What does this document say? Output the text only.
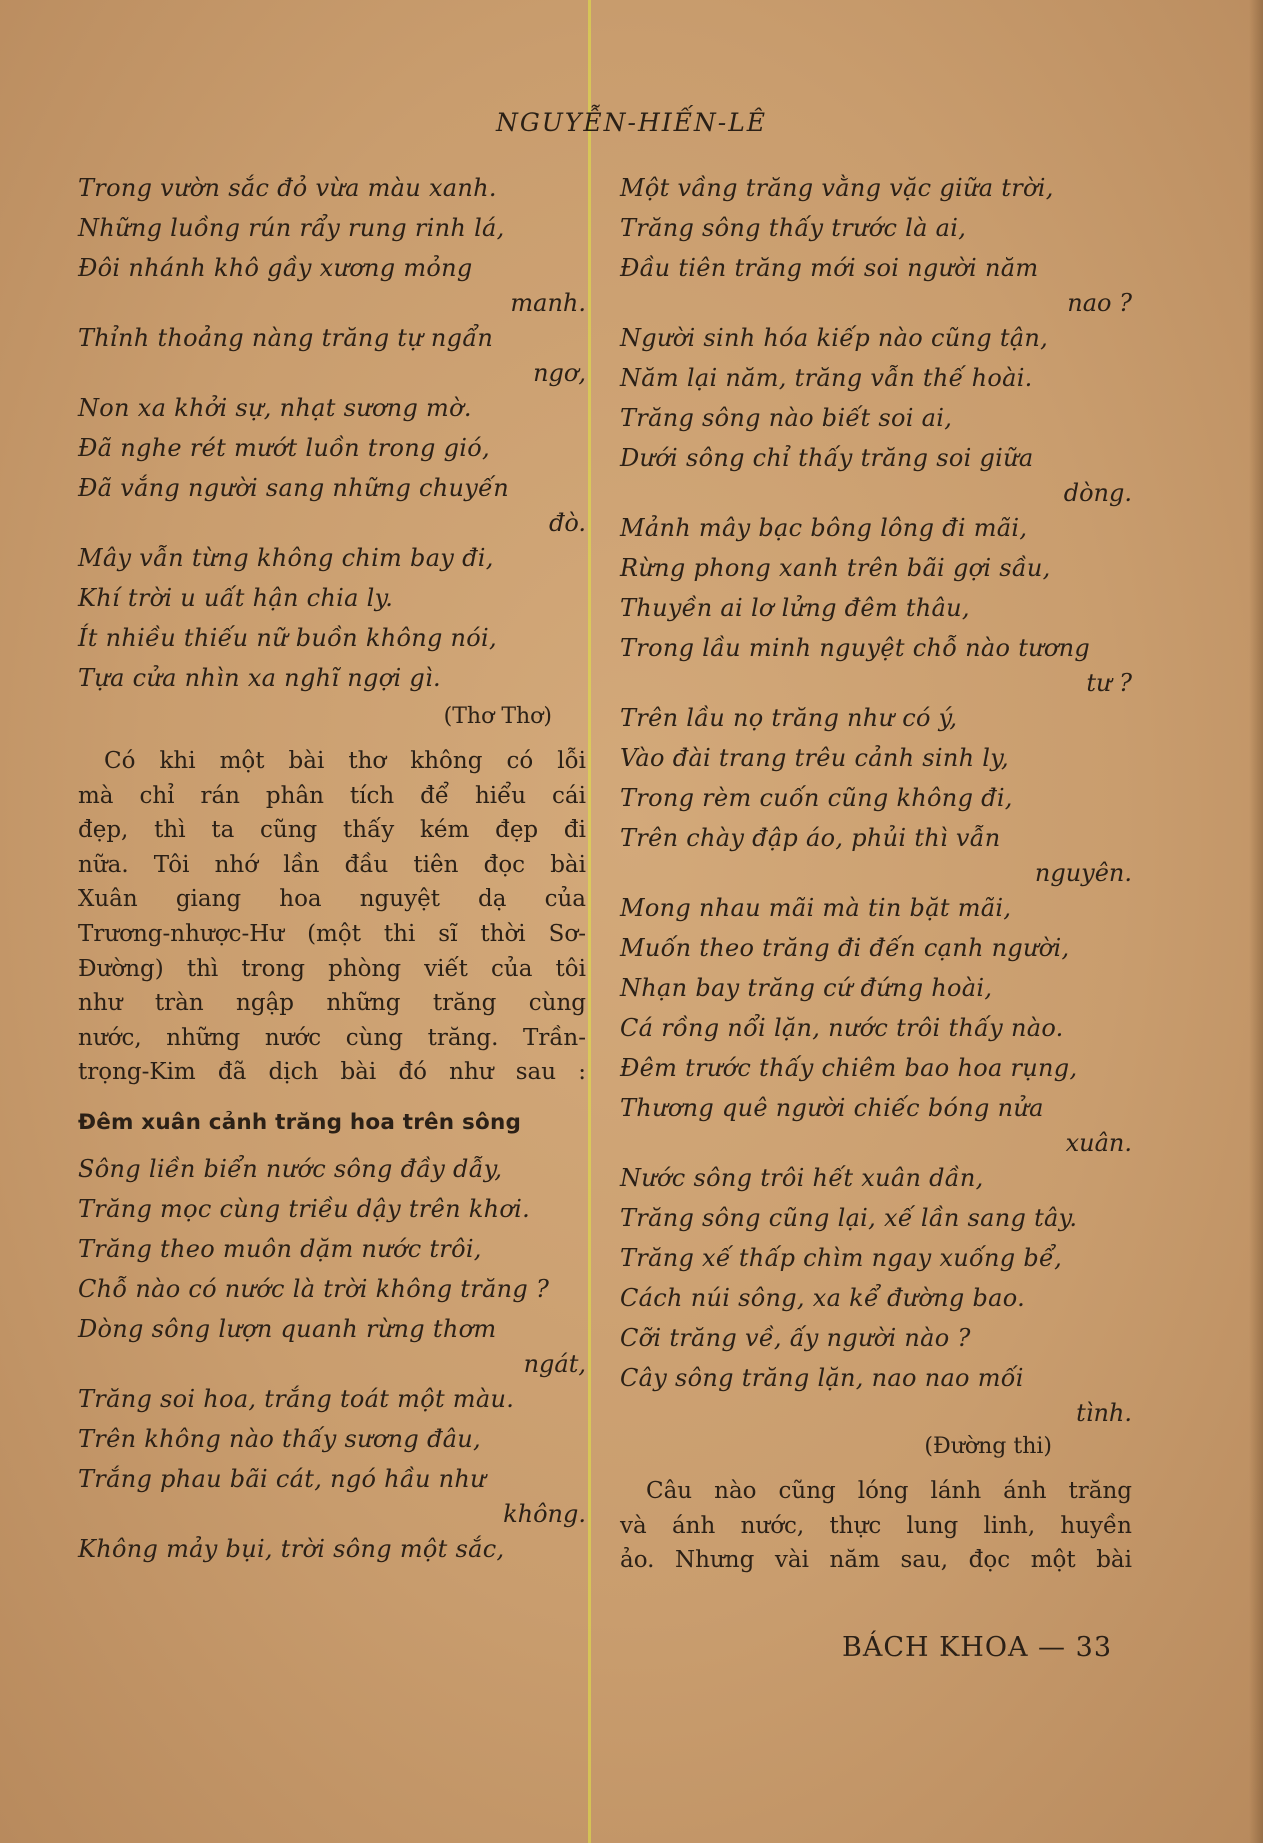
NGUYỄN-HIẾN-LÊ
Trong vườn sắc đỏ vừa màu xanh.
Những luồng rún rẩy rung rinh lá,
Đôi nhánh khô gầy xương mỏng
manh.
Thỉnh thoảng nàng trăng tự ngẩn
ngơ,
Non xa khởi sự, nhạt sương mờ.
Đã nghe rét mướt luồn trong gió,
Đã vắng người sang những chuyến
đò.
Mây vẫn từng không chim bay đi,
Khí trời u uất hận chia ly.
Ít nhiều thiếu nữ buồn không nói,
Tựa cửa nhìn xa nghĩ ngợi gì.
(Thơ Thơ)
Có khi một bài thơ không có lỗi
mà chỉ rán phân tích để hiểu cái
đẹp, thì ta cũng thấy kém đẹp đi
nữa. Tôi nhớ lần đầu tiên đọc bài
Xuân giang hoa nguyệt dạ của
Trương-nhược-Hư (một thi sĩ thời Sơ-
Đường) thì trong phòng viết của tôi
như tràn ngập những trăng cùng
nước, những nước cùng trăng. Trần-
trọng-Kim đã dịch bài đó như sau :
Đêm xuân cảnh trăng hoa trên sông
Sông liền biển nước sông đầy dẫy,
Trăng mọc cùng triều dậy trên khơi.
Trăng theo muôn dặm nước trôi,
Chỗ nào có nước là trời không trăng ?
Dòng sông lượn quanh rừng thơm
ngát,
Trăng soi hoa, trắng toát một màu.
Trên không nào thấy sương đâu,
Trắng phau bãi cát, ngó hầu như
không.
Không mảy bụi, trời sông một sắc,
Một vầng trăng vằng vặc giữa trời,
Trăng sông thấy trước là ai,
Đầu tiên trăng mới soi người năm
nao ?
Người sinh hóa kiếp nào cũng tận,
Năm lại năm, trăng vẫn thế hoài.
Trăng sông nào biết soi ai,
Dưới sông chỉ thấy trăng soi giữa
dòng.
Mảnh mây bạc bông lông đi mãi,
Rừng phong xanh trên bãi gợi sầu,
Thuyền ai lơ lửng đêm thâu,
Trong lầu minh nguyệt chỗ nào tương
tư ?
Trên lầu nọ trăng như có ý,
Vào đài trang trêu cảnh sinh ly,
Trong rèm cuốn cũng không đi,
Trên chày đập áo, phủi thì vẫn
nguyên.
Mong nhau mãi mà tin bặt mãi,
Muốn theo trăng đi đến cạnh người,
Nhạn bay trăng cứ đứng hoài,
Cá rồng nổi lặn, nước trôi thấy nào.
Đêm trước thấy chiêm bao hoa rụng,
Thương quê người chiếc bóng nửa
xuân.
Nước sông trôi hết xuân dần,
Trăng sông cũng lại, xế lần sang tây.
Trăng xế thấp chìm ngay xuống bể,
Cách núi sông, xa kể đường bao.
Cỡi trăng về, ấy người nào ?
Cây sông trăng lặn, nao nao mối
tình.
(Đường thi)
Câu nào cũng lóng lánh ánh trăng
và ánh nước, thực lung linh, huyền
ảo. Nhưng vài năm sau, đọc một bài
BÁCH KHOA — 33
